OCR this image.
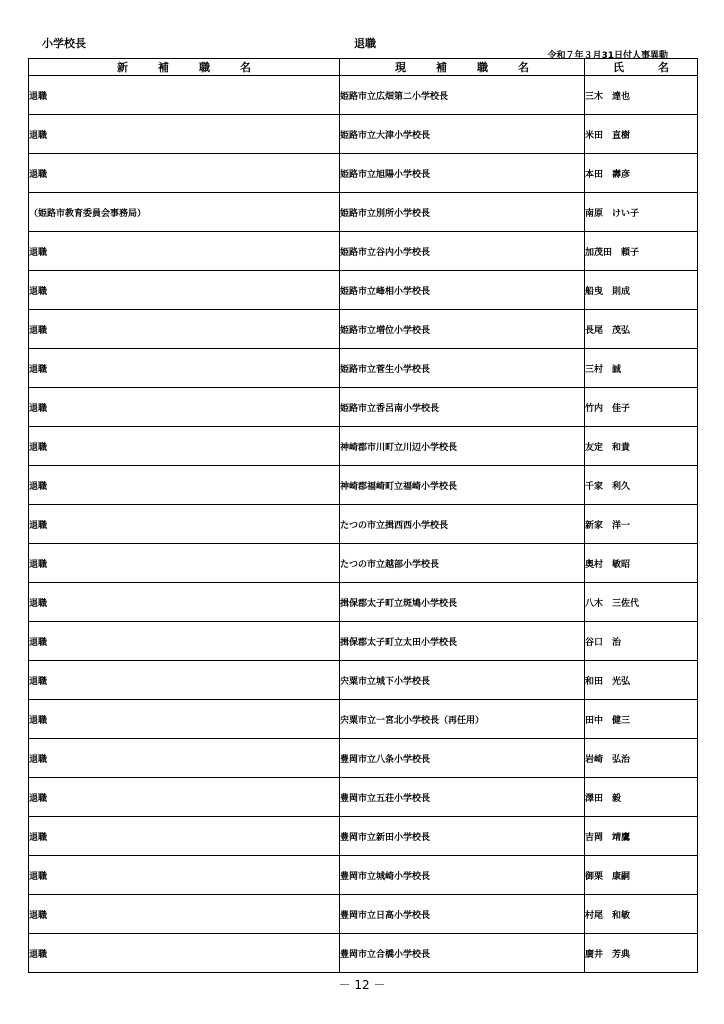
小学校長	退職
令和７年３月31日付人事異動
新補職名	現補職名	氏名
退職	姫路市立広畑第二小学校長	三木　達也
退職	姫路市立大津小学校長	米田　直樹
退職	姫路市立旭陽小学校長	本田　壽彦
（姫路市教育委員会事務局）	姫路市立別所小学校長	南原　けい子
退職	姫路市立谷内小学校長	加茂田　頼子
退職	姫路市立峰相小学校長	船曳　則成
退職	姫路市立増位小学校長	長尾　茂弘
退職	姫路市立菅生小学校長	三村　誠
退職	姫路市立香呂南小学校長	竹内　佳子
退職	神崎郡市川町立川辺小学校長	友定　和貴
退職	神崎郡福崎町立福崎小学校長	千家　利久
退職	たつの市立揖西西小学校長	新家　洋一
退職	たつの市立越部小学校長	奥村　敏昭
退職	揖保郡太子町立斑鳩小学校長	八木　三佐代
退職	揖保郡太子町立太田小学校長	谷口　治
退職	宍粟市立城下小学校長	和田　光弘
退職	宍粟市立一宮北小学校長（再任用）	田中　健三
退職	豊岡市立八条小学校長	岩崎　弘治
退職	豊岡市立五荘小学校長	澤田　毅
退職	豊岡市立新田小学校長	吉岡　靖鷹
退職	豊岡市立城崎小学校長	御栗　康嗣
退職	豊岡市立日高小学校長	村尾　和敏
退職	豊岡市立合橋小学校長	廣井　芳典
－ 12 －
